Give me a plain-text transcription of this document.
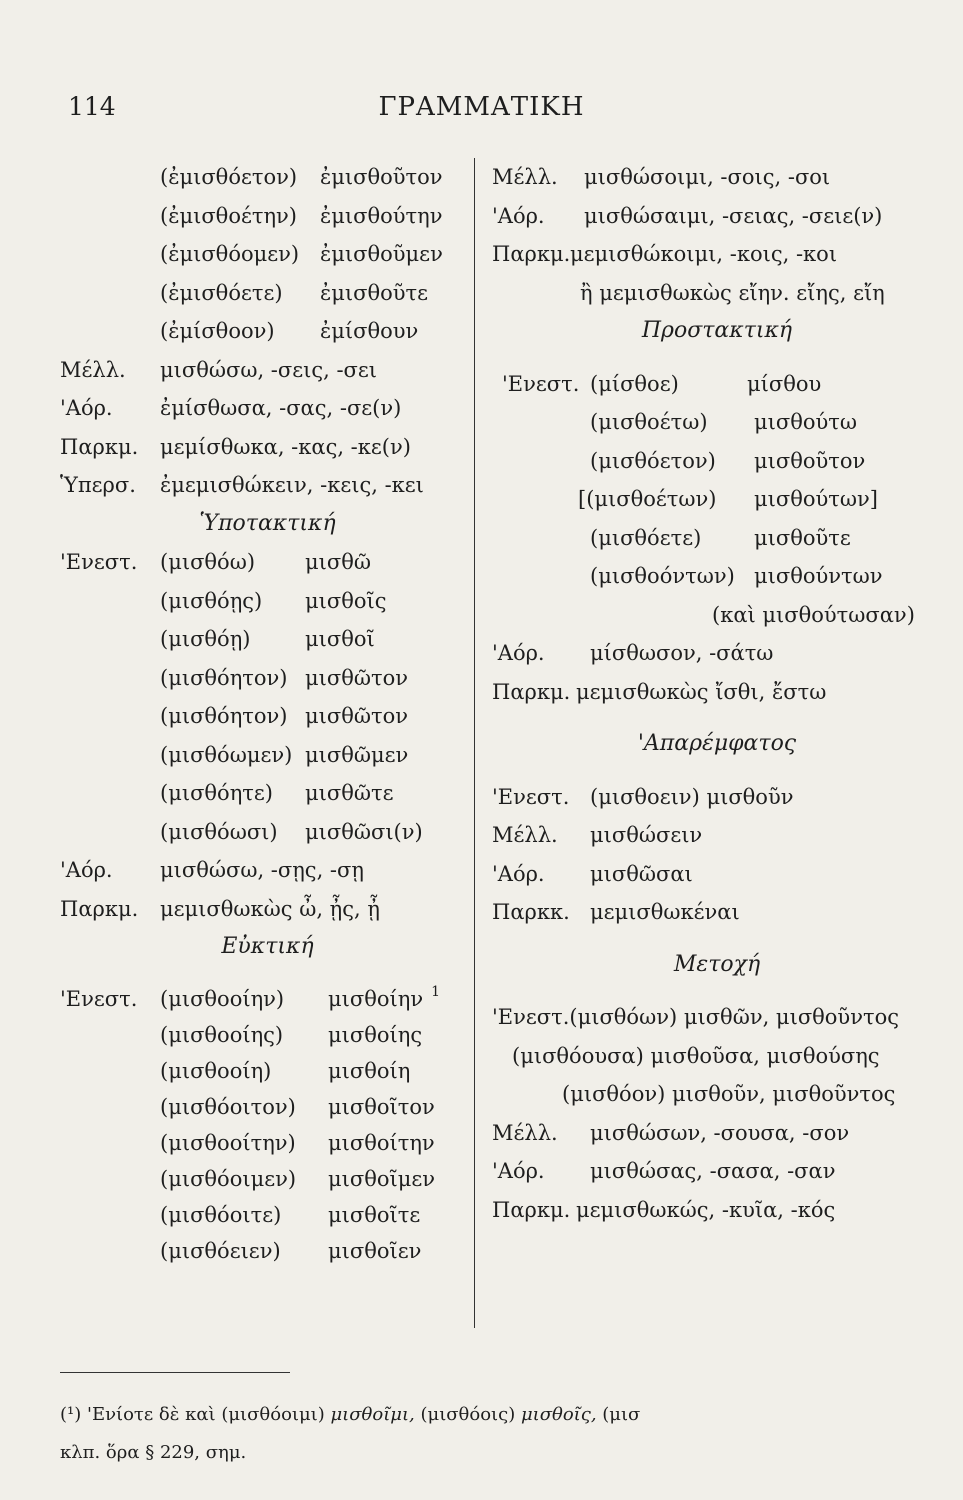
114	ΓΡΑΜΜΑΤΙΚΗ
(ἐμισθόετον) ἐμισθοῦτον
(ἐμισθοέτην) ἐμισθούτην
(ἐμισθόομεν) ἐμισθοῦμεν
(ἐμισθόετε) ἐμισθοῦτε
(ἐμίσθοον) ἐμίσθουν
Μέλλ. μισθώσω, -σεις, -σει
'Αόρ. ἐμίσθωσα, -σας, -σε(ν)
Παρκμ. μεμίσθωκα, -κας, -κε(ν)
Ὑπερσ. ἐμεμισθώκειν, -κεις, -κει
Ὑποτακτική
'Ενεστ. (μισθόω) μισθῶ
(μισθόῃς) μισθοῖς
(μισθόῃ)	μισθοῖ
(μισθόητον) μισθῶτον
(μισθόητον) μισθῶτον
(μισθόωμεν) μισθῶμεν
(μισθόητε) μισθῶτε
(μισθόωσι) μισθῶσι(ν)
'Αόρ. μισθώσω, -σῃς, -σῃ
Παρκμ. μεμισθωκὼς ὦ, ᾖς, ᾖ
Εὐκτική
'Ενεστ. (μισθοοίην) μισθοίην $^1$
(μισθοοίης) μισθοίης
(μισθοοίη)	μισθοίη
(μισθόοιτον) μισθοῖτον
(μισθοοίτην) μισθοίτην
(μισθόοιμεν) μισθοῖμεν
(μισθόοιτε) μισθοῖτε
(μισθόειεν) μισθοῖεν
Μέλλ. μισθώσοιμι, -σοις, -σοι
'Αόρ. μισθώσαιμι, -σειας, -σειε(ν)
Παρκμ. μεμισθώκοιμι, -κοις, -κοι
ἢ μεμισθωκὼς εἴην. εἴης, εἴη
Προστακτική
'Ενεστ. (μίσθοε)	μίσθου
(μισθοέτω) μισθούτω
(μισθόετον) μισθοῦτον
[(μισθοέτων) μισθούτων]
(μισθόετε)	μισθοῦτε
(μισθοόντων) μισθούντων
(καὶ μισθούτωσαν)
'Αόρ. μίσθωσον, -σάτω
Παρκμ. μεμισθωκὼς ἴσθι, ἔστω
'Απαρέμφατος
'Ενεστ. (μισθοειν) μισθοῦν
Μέλλ. μισθώσειν
'Αόρ. μισθῶσαι
Παρκκ. μεμισθωκέναι
Μετοχή
'Ενεστ.(μισθόων) μισθῶν, μισθοῦντος
(μισθόουσα) μισθοῦσα, μισθούσης
(μισθόον) μισθοῦν, μισθοῦντος
Μέλλ. μισθώσων, -σουσα, -σον
'Αόρ. μισθώσας, -σασα, -σαν
Παρκμ. μεμισθωκώς, -κυῖα, -κός
(¹) 'Ενίοτε δὲ καὶ (μισθόοιμι) μισθοῖμι, (μισθόοις) μισθοῖς, (μισ
κλπ. ὅρα § 229, σημ.
